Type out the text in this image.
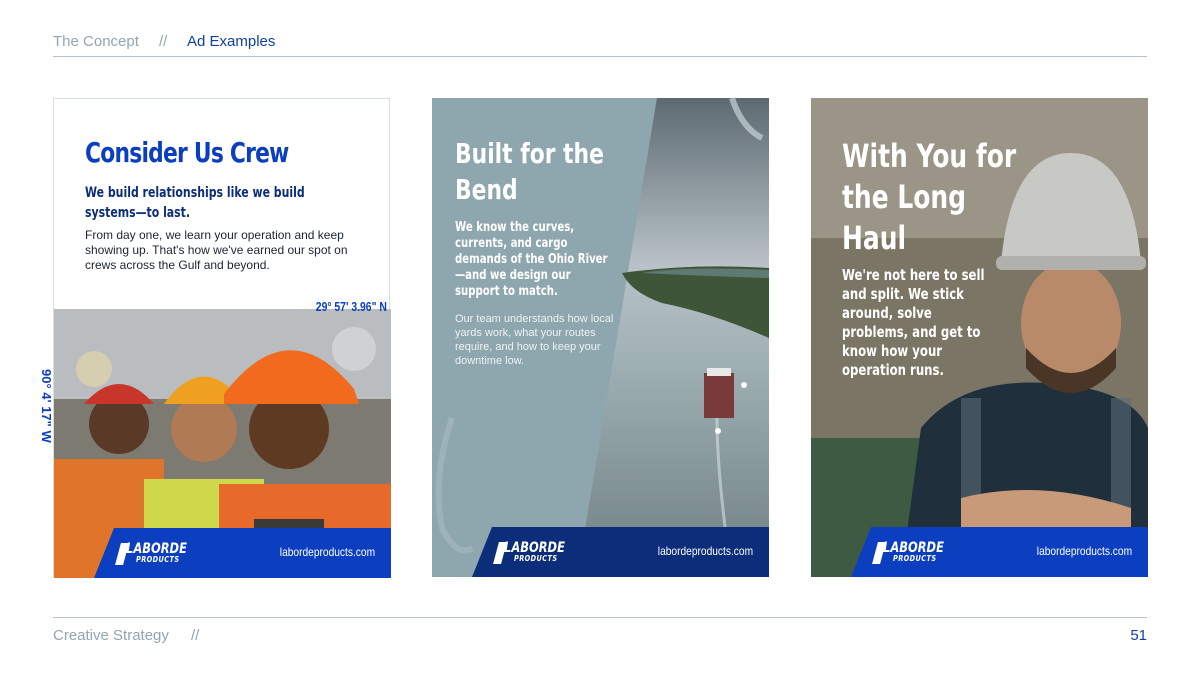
The Concept // Ad Examples
Consider Us Crew
We build relationships like we build systems—to last.
From day one, we learn your operation and keep showing up. That's how we've earned our spot on crews across the Gulf and beyond.
29° 57' 3.96" N
90° 4' 17" W
LABORDE
PRODUCTS
labordeproducts.com
Built for the Bend
We know the curves, currents, and cargo demands of the Ohio River—and we design our support to match.
Our team understands how local yards work, what your routes require, and how to keep your downtime low.
LABORDE
PRODUCTS
labordeproducts.com
With You for the Long Haul
We're not here to sell and split. We stick around, solve problems, and get to know how your operation runs.
LABORDE
PRODUCTS
labordeproducts.com
Creative Strategy //	51
